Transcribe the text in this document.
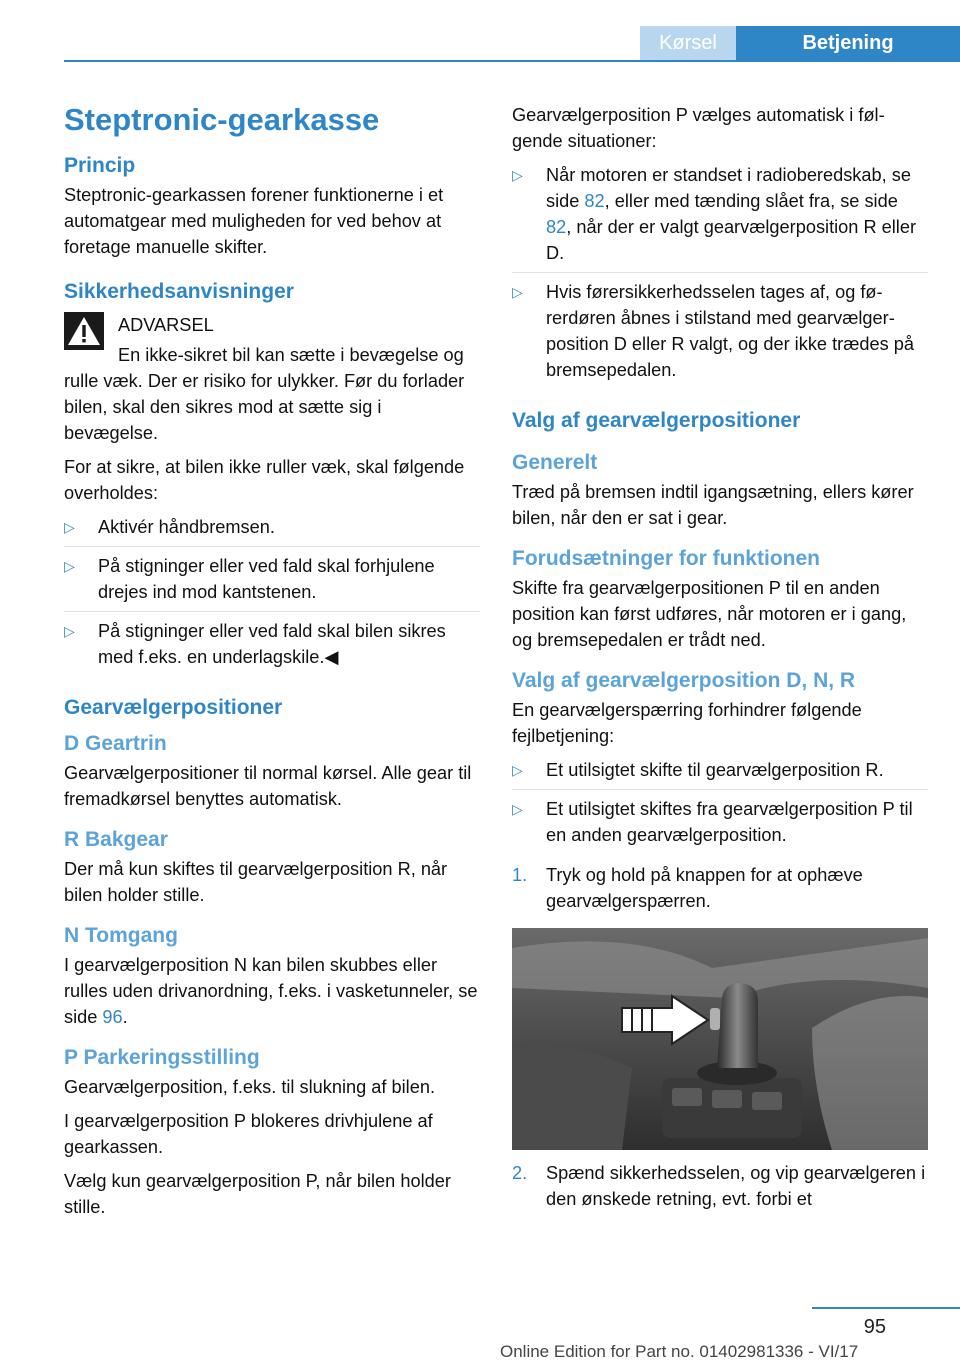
Kørsel	Betjening
Steptronic-gearkasse
Princip

Steptronic-gearkassen forener funktionerne i et automatgear med muligheden for ved behov at foretage manuelle skifter.

Sikkerhedsanvisninger
ADVARSEL
En ikke-sikret bil kan sætte i bevægelse og rulle væk. Der er risiko for ulykker. Før du forlader bilen, skal den sikres mod at sætte sig i bevægelse.

For at sikre, at bilen ikke ruller væk, skal følgende overholdes:

▷ Aktivér håndbremsen.
▷ På stigninger eller ved fald skal forhjulene drejes ind mod kantstenen.
▷ På stigninger eller ved fald skal bilen sikres med f.eks. en underlagskile.◀
Gearvælgerpositioner
D Geartrin

Gearvælgerpositioner til normal kørsel. Alle gear til fremadkørsel benyttes automatisk.

R Bakgear

Der må kun skiftes til gearvælgerposition R, når bilen holder stille.

N Tomgang

I gearvælgerposition N kan bilen skubbes eller rulles uden drivanordning, f.eks. i vasketunneler, se side 96.

P Parkeringsstilling

Gearvælgerposition, f.eks. til slukning af bilen.

I gearvælgerposition P blokeres drivhjulene af gearkassen.

Vælg kun gearvælgerposition P, når bilen holder stille.

Gearvælgerposition P vælges automatisk i følgende situationer:

▷ Når motoren er standset i radioberedskab, se side 82, eller med tænding slået fra, se side 82, når der er valgt gearvælgerposition R eller D.
▷ Hvis førersikkerhedsselen tages af, og førerdøren åbnes i stilstand med gearvælgerposition D eller R valgt, og der ikke trædes på bremsepedalen.
Valg af gearvælgerpositioner
Generelt

Træd på bremsen indtil igangsætning, ellers kører bilen, når den er sat i gear.

Forudsætninger for funktionen

Skifte fra gearvælgerpositionen P til en anden position kan først udføres, når motoren er i gang, og bremsepedalen er trådt ned.

Valg af gearvælgerposition D, N, R

En gearvælgerspærring forhindrer følgende fejlbetjening:

▷ Et utilsigtet skifte til gearvælgerposition R.
▷ Et utilsigtet skiftes fra gearvælgerposition P til en anden gearvælgerposition.
1. Tryk og hold på knappen for at ophæve gearvælgerspærren.
2. Spænd sikkerhedsselen, og vip gearvælgeren i den ønskede retning, evt. forbi et
95
Online Edition for Part no. 01402981336 - VI/17
